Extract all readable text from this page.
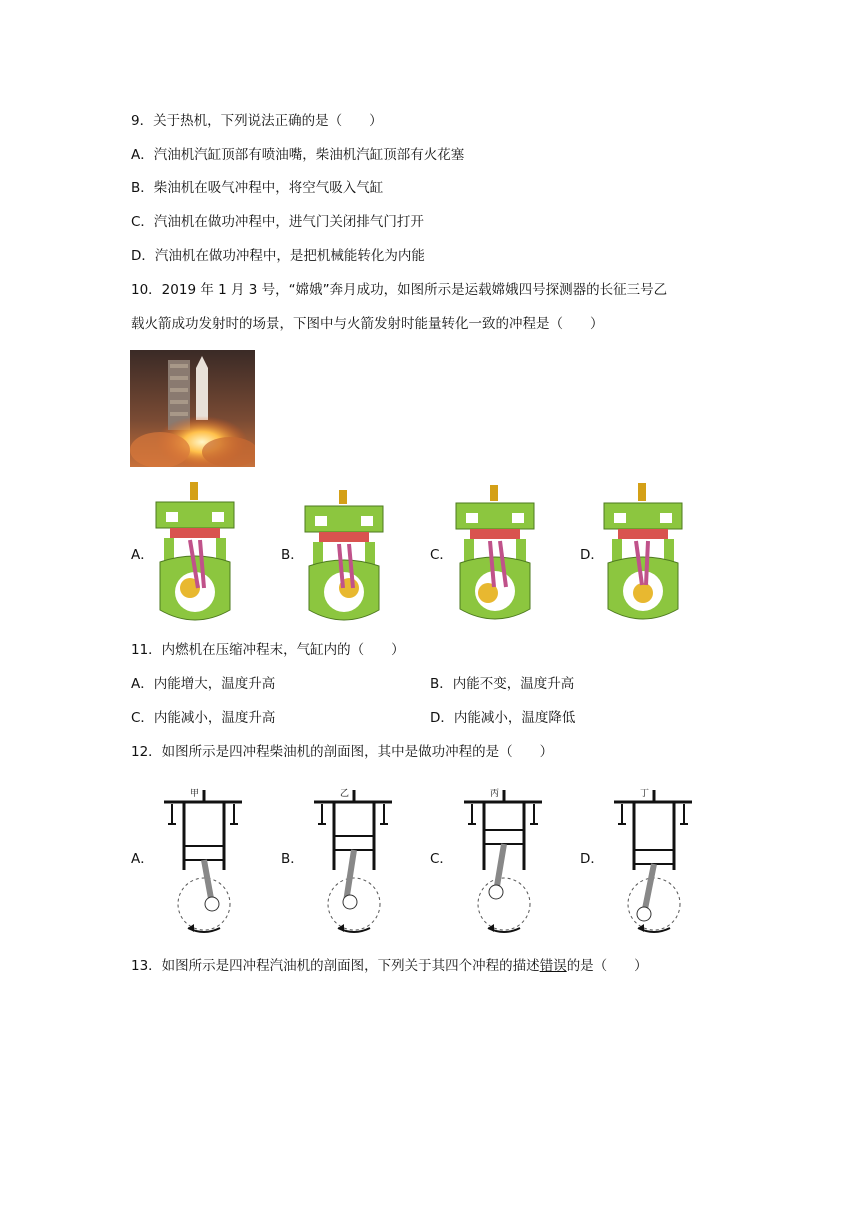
9．关于热机，下列说法正确的是（　　）
A．汽油机汽缸顶部有喷油嘴，柴油机汽缸顶部有火花塞
B．柴油机在吸气冲程中，将空气吸入气缸
C．汽油机在做功冲程中，进气门关闭排气门打开
D．汽油机在做功冲程中，是把机械能转化为内能
10．2019 年 1 月 3 号，“嫦娥”奔月成功，如图所示是运载嫦娥四号探测器的长征三号乙
载火箭成功发射时的场景，下图中与火箭发射时能量转化一致的冲程是（　　）
A．	B．	C．	D．
11．内燃机在压缩冲程末，气缸内的（　　）
A．内能增大，温度升高	B．内能不变，温度升高
C．内能减小，温度升高	D．内能减小，温度降低
12．如图所示是四冲程柴油机的剖面图，其中是做功冲程的是（　　）
A．	B．	C．	D．
甲	乙	丙	丁
13．如图所示是四冲程汽油机的剖面图，下列关于其四个冲程的描述错误的是（　　）
